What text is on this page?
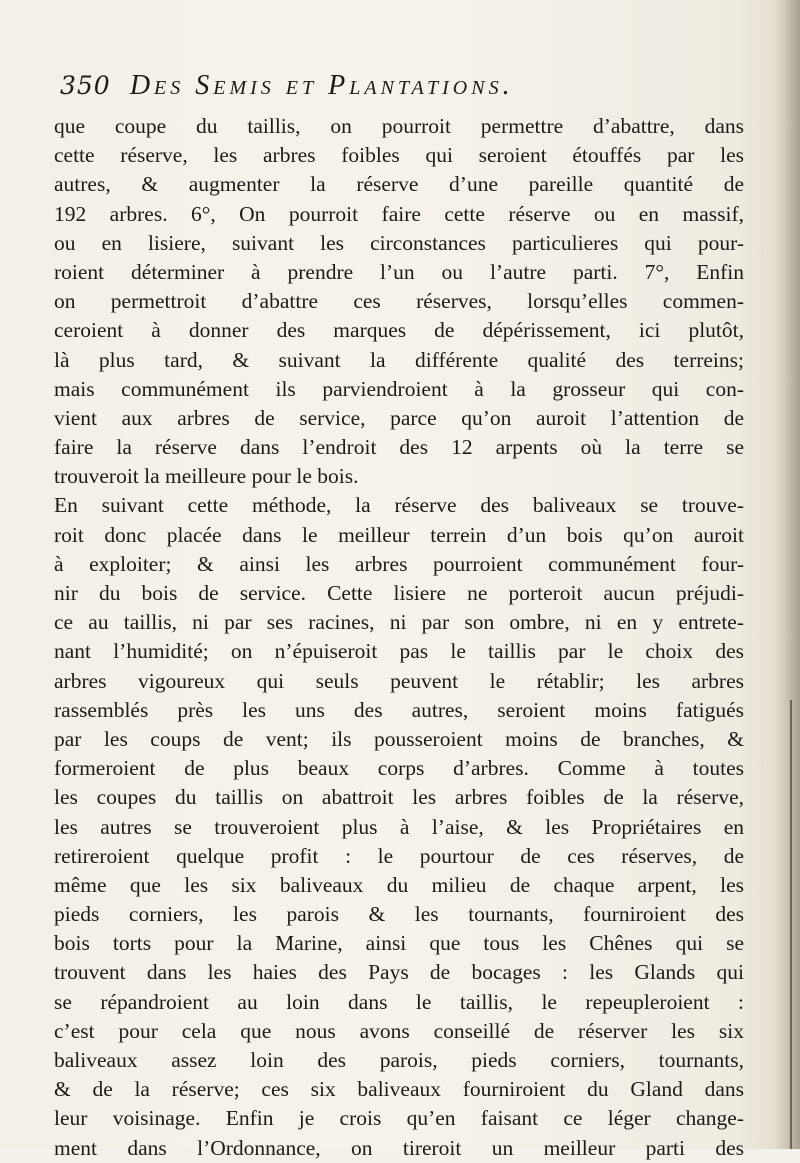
350 Des Semis et Plantations.
que coupe du taillis, on pourroit permettre d’abattre, dans
cette réserve, les arbres foibles qui seroient étouffés par les
autres, & augmenter la réserve d’une pareille quantité de
192 arbres. 6°, On pourroit faire cette réserve ou en massif,
ou en lisiere, suivant les circonstances particulieres qui pour-
roient déterminer à prendre l’un ou l’autre parti. 7°, Enfin
on permettroit d’abattre ces réserves, lorsqu’elles commen-
ceroient à donner des marques de dépérissement, ici plutôt,
là plus tard, & suivant la différente qualité des terreins;
mais communément ils parviendroient à la grosseur qui con-
vient aux arbres de service, parce qu’on auroit l’attention de
faire la réserve dans l’endroit des 12 arpents où la terre se
trouveroit la meilleure pour le bois.
En suivant cette méthode, la réserve des baliveaux se trouve-
roit donc placée dans le meilleur terrein d’un bois qu’on auroit
à exploiter; & ainsi les arbres pourroient communément four-
nir du bois de service. Cette lisiere ne porteroit aucun préjudi-
ce au taillis, ni par ses racines, ni par son ombre, ni en y entrete-
nant l’humidité; on n’épuiseroit pas le taillis par le choix des
arbres vigoureux qui seuls peuvent le rétablir; les arbres
rassemblés près les uns des autres, seroient moins fatigués
par les coups de vent; ils pousseroient moins de branches, &
formeroient de plus beaux corps d’arbres. Comme à toutes
les coupes du taillis on abattroit les arbres foibles de la réserve,
les autres se trouveroient plus à l’aise, & les Propriétaires en
retireroient quelque profit : le pourtour de ces réserves, de
même que les six baliveaux du milieu de chaque arpent, les
pieds corniers, les parois & les tournants, fourniroient des
bois torts pour la Marine, ainsi que tous les Chênes qui se
trouvent dans les haies des Pays de bocages : les Glands qui
se répandroient au loin dans le taillis, le repeupleroient :
c’est pour cela que nous avons conseillé de réserver les six
baliveaux assez loin des parois, pieds corniers, tournants,
& de la réserve; ces six baliveaux fourniroient du Gland dans
leur voisinage. Enfin je crois qu’en faisant ce léger change-
ment dans l’Ordonnance, on tireroit un meilleur parti des
